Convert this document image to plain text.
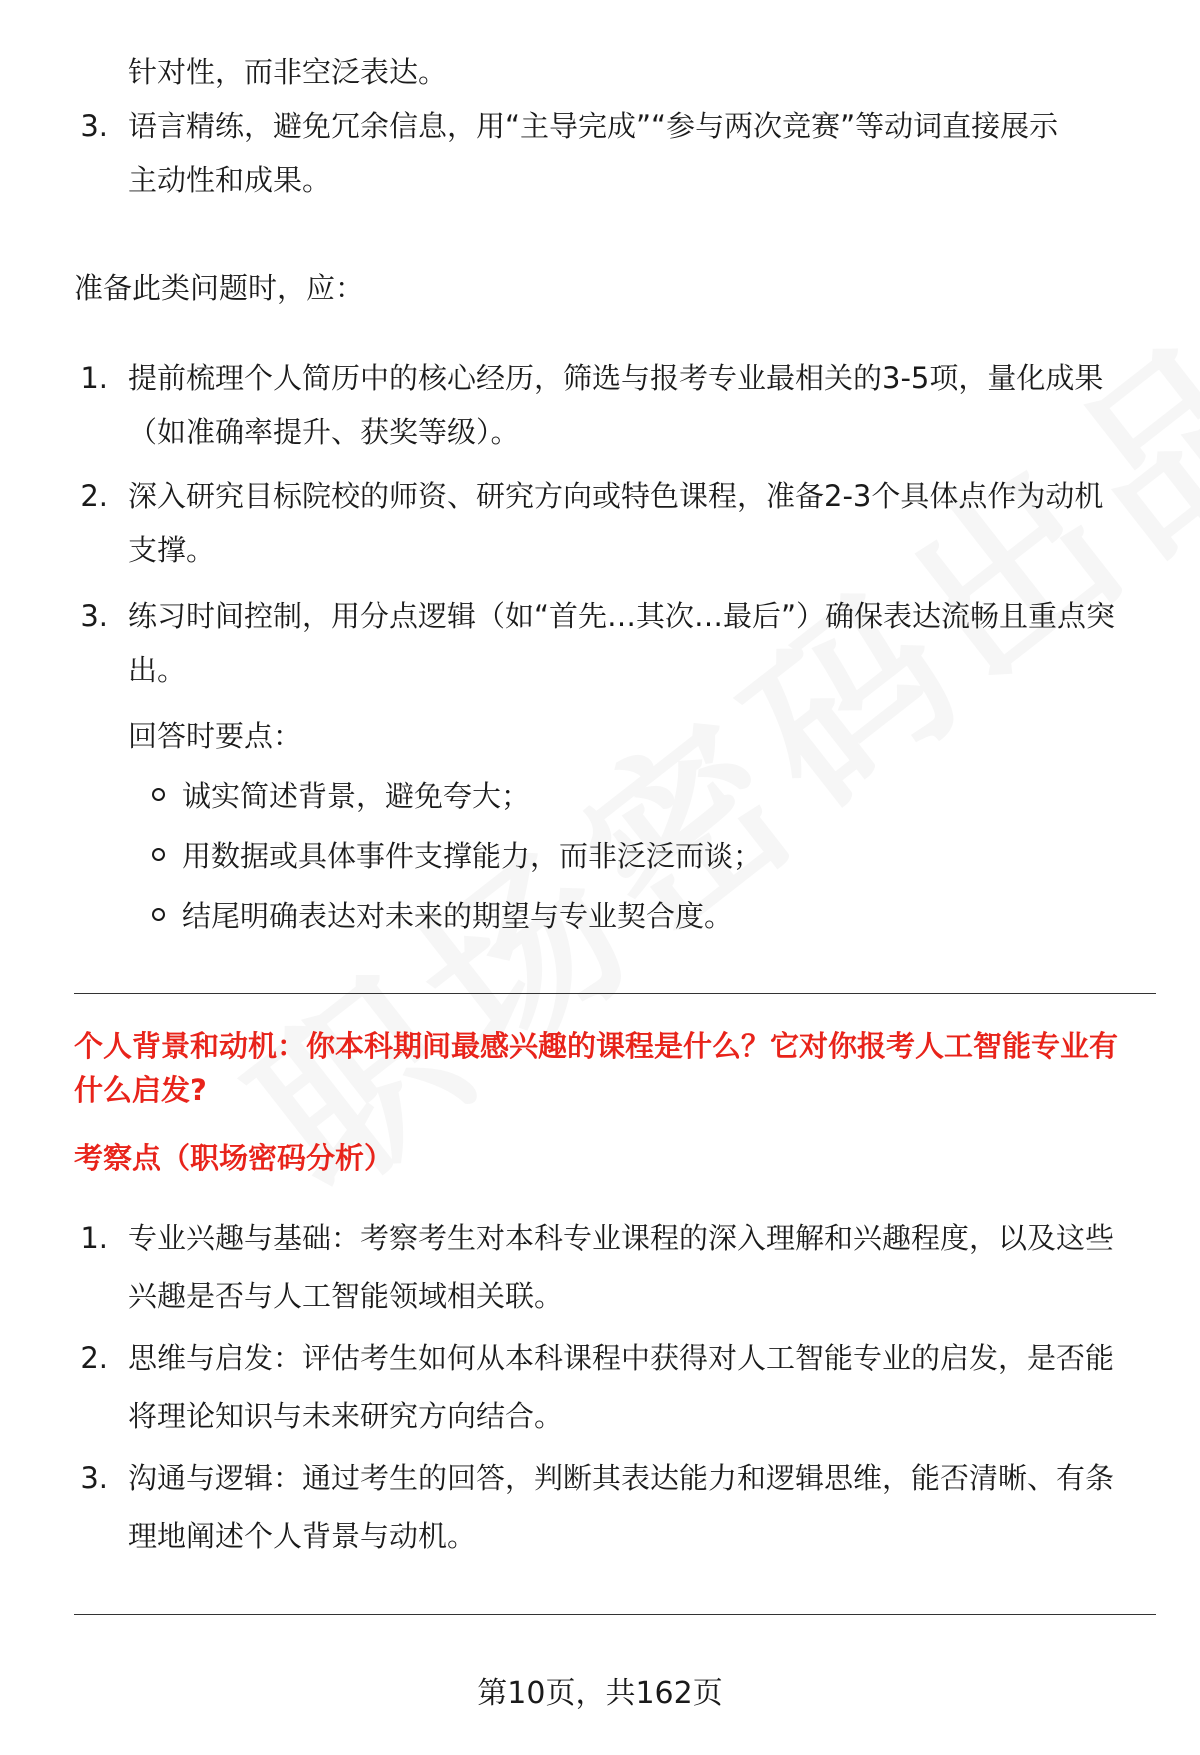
针对性，而非空泛表达。
3. 语言精练，避免冗余信息，用“主导完成”“参与两次竞赛”等动词直接展示
主动性和成果。
准备此类问题时，应：
1. 提前梳理个人简历中的核心经历，筛选与报考专业最相关的3-5项，量化成果
（如准确率提升、获奖等级）。
2. 深入研究目标院校的师资、研究方向或特色课程，准备2-3个具体点作为动机
支撑。
3. 练习时间控制，用分点逻辑（如“首先…其次…最后”）确保表达流畅且重点突
出。
回答时要点：
诚实简述背景，避免夸大；
用数据或具体事件支撑能力，而非泛泛而谈；
结尾明确表达对未来的期望与专业契合度。
个人背景和动机：你本科期间最感兴趣的课程是什么？它对你报考人工智能专业有
什么启发?
考察点（职场密码分析）
1. 专业兴趣与基础：考察考生对本科专业课程的深入理解和兴趣程度，以及这些
兴趣是否与人工智能领域相关联。
2. 思维与启发：评估考生如何从本科课程中获得对人工智能专业的启发，是否能
将理论知识与未来研究方向结合。
3. 沟通与逻辑：通过考生的回答，判断其表达能力和逻辑思维，能否清晰、有条
理地阐述个人背景与动机。
第10页，共162页
